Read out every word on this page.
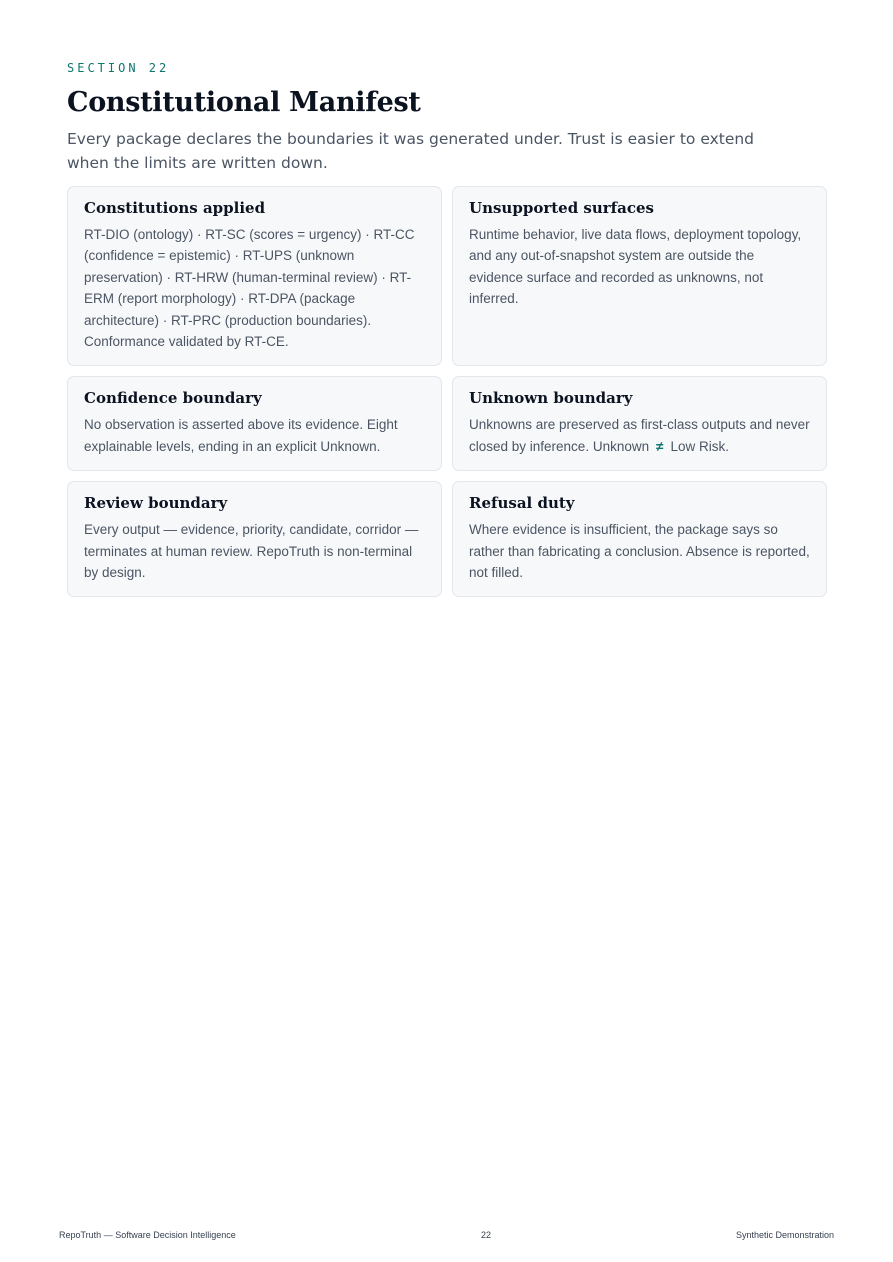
SECTION 22
Constitutional Manifest

Every package declares the boundaries it was generated under. Trust is easier to extend when the limits are written down.

Constitutions applied

RT-DIO (ontology) · RT-SC (scores = urgency) · RT-CC (confidence = epistemic) · RT-UPS (unknown preservation) · RT-HRW (human-terminal review) · RT-ERM (report morphology) · RT-DPA (package architecture) · RT-PRC (production boundaries). Conformance validated by RT-CE.

Unsupported surfaces

Runtime behavior, live data flows, deployment topology, and any out-of-snapshot system are outside the evidence surface and recorded as unknowns, not inferred.

Confidence boundary

No observation is asserted above its evidence. Eight explainable levels, ending in an explicit Unknown.

Unknown boundary

Unknowns are preserved as first-class outputs and never closed by inference. Unknown ≠ Low Risk.

Review boundary

Every output — evidence, priority, candidate, corridor — terminates at human review. RepoTruth is non-terminal by design.

Refusal duty

Where evidence is insufficient, the package says so rather than fabricating a conclusion. Absence is reported, not filled.

RepoTruth — Software Decision Intelligence	22	Synthetic Demonstration
